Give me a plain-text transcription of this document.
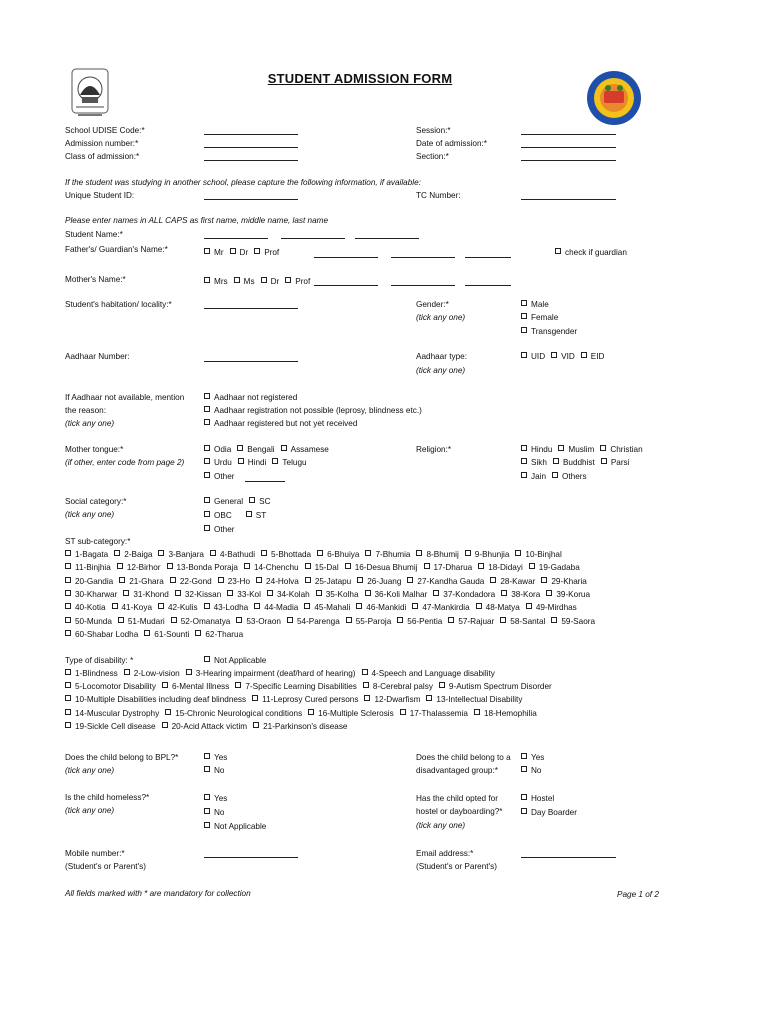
STUDENT ADMISSION FORM
School UDISE Code:*	Session:*
Admission number:*	Date of admission:*
Class of admission:*	Section:*
If the student was studying in another school, please capture the following information, if available:
Unique Student ID:	TC Number:
Please enter names in ALL CAPS as first name, middle name, last name
Student Name:*
Father's/ Guardian's Name:*	Mr Dr Prof	check if guardian
Mother's Name:*	Mrs Ms Dr Prof
Student's habitation/ locality:*	Gender:*
(tick any one)
Male
Female
Transgender
Aadhaar Number:	Aadhaar type:
(tick any one)
UID VID EID
If Aadhaar not available, mention
the reason:
(tick any one)
Aadhaar not registered
Aadhaar registration not possible (leprosy, blindness etc.)
Aadhaar registered but not yet received
Mother tongue:*
(if other, enter code from page 2)
Odia Bengali Assamese
Urdu Hindi Telugu
Other
Religion:*	Hindu Muslim Christian
Sikh Buddhist Parsi
Jain Others
Social category:*
(tick any one)
General SC
OBC	ST
Other
ST sub-category:*
1-Bagata 2-Baiga 3-Banjara 4-Bathudi 5-Bhottada 6-Bhuiya 7-Bhumia 8-Bhumij 9-Bhunjia 10-Binjhal
11-Binjhia 12-Birhor 13-Bonda Poraja 14-Chenchu 15-Dal 16-Desua Bhumij 17-Dharua 18-Didayi 19-Gadaba
20-Gandia 21-Ghara 22-Gond 23-Ho 24-Holva 25-Jatapu 26-Juang 27-Kandha Gauda 28-Kawar 29-Kharia
30-Kharwar 31-Khond 32-Kissan 33-Kol 34-Kolah 35-Kolha 36-Koli Malhar 37-Kondadora 38-Kora 39-Korua
40-Kotia 41-Koya 42-Kulis 43-Lodha 44-Madia 45-Mahali 46-Mankidi 47-Mankirdia 48-Matya 49-Mirdhas
50-Munda 51-Mudari 52-Omanatya 53-Oraon 54-Parenga 55-Paroja 56-Pentia 57-Rajuar 58-Santal 59-Saora
60-Shabar Lodha 61-Sounti 62-Tharua
Type of disability: *	Not Applicable
1-Blindness 2-Low-vision 3-Hearing impairment (deaf/hard of hearing) 4-Speech and Language disability
5-Locomotor Disability 6-Mental Illness 7-Specific Learning Disabilities 8-Cerebral palsy 9-Autism Spectrum Disorder
10-Multiple Disabilities including deaf blindness 11-Leprosy Cured persons 12-Dwarfism 13-Intellectual Disability
14-Muscular Dystrophy 15-Chronic Neurological conditions 16-Multiple Sclerosis 17-Thalassemia 18-Hemophilia
19-Sickle Cell disease 20-Acid Attack victim 21-Parkinson's disease
Does the child belong to BPL?*
(tick any one)
Yes
No
Does the child belong to a
disadvantaged group:*
Yes
No
Is the child homeless?*
(tick any one)
Yes
No
Not Applicable
Has the child opted for
hostel or dayboarding?*
(tick any one)
Hostel
Day Boarder
Mobile number:*
(Student's or Parent's)
Email address:*
(Student's or Parent's)
All fields marked with * are mandatory for collection	Page 1 of 2
